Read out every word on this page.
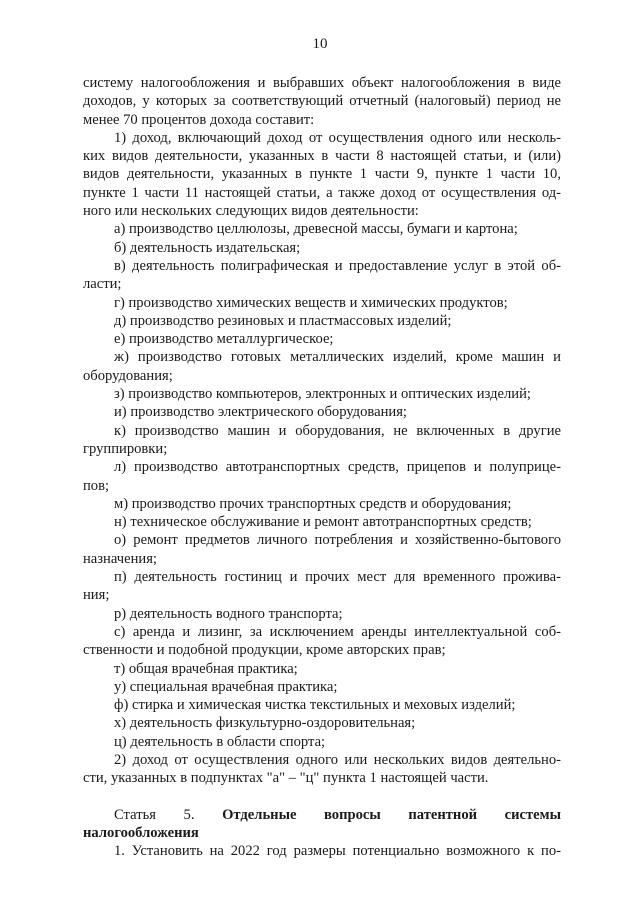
10
систему налогообложения и выбравших объект налогообложения в виде
доходов, у которых за соответствующий отчетный (налоговый) период не
менее 70 процентов дохода составит:
1) доход, включающий доход от осуществления одного или несколь-
ких видов деятельности, указанных в части 8 настоящей статьи, и (или)
видов деятельности, указанных в пункте 1 части 9, пункте 1 части 10,
пункте 1 части 11 настоящей статьи, а также доход от осуществления од-
ного или нескольких следующих видов деятельности:
а) производство целлюлозы, древесной массы, бумаги и картона;
б) деятельность издательская;
в) деятельность полиграфическая и предоставление услуг в этой об-
ласти;
г) производство химических веществ и химических продуктов;
д) производство резиновых и пластмассовых изделий;
е) производство металлургическое;
ж) производство готовых металлических изделий, кроме машин и
оборудования;
з) производство компьютеров, электронных и оптических изделий;
и) производство электрического оборудования;
к) производство машин и оборудования, не включенных в другие
группировки;
л) производство автотранспортных средств, прицепов и полуприце-
пов;
м) производство прочих транспортных средств и оборудования;
н) техническое обслуживание и ремонт автотранспортных средств;
о) ремонт предметов личного потребления и хозяйственно-бытового
назначения;
п) деятельность гостиниц и прочих мест для временного прожива-
ния;
р) деятельность водного транспорта;
с) аренда и лизинг, за исключением аренды интеллектуальной соб-
ственности и подобной продукции, кроме авторских прав;
т) общая врачебная практика;
у) специальная врачебная практика;
ф) стирка и химическая чистка текстильных и меховых изделий;
х) деятельность физкультурно-оздоровительная;
ц) деятельность в области спорта;
2) доход от осуществления одного или нескольких видов деятельно-
сти, указанных в подпунктах "а" – "ц" пункта 1 настоящей части.
Статья 5. Отдельные вопросы патентной системы
налогообложения
1. Установить на 2022 год размеры потенциально возможного к по-
